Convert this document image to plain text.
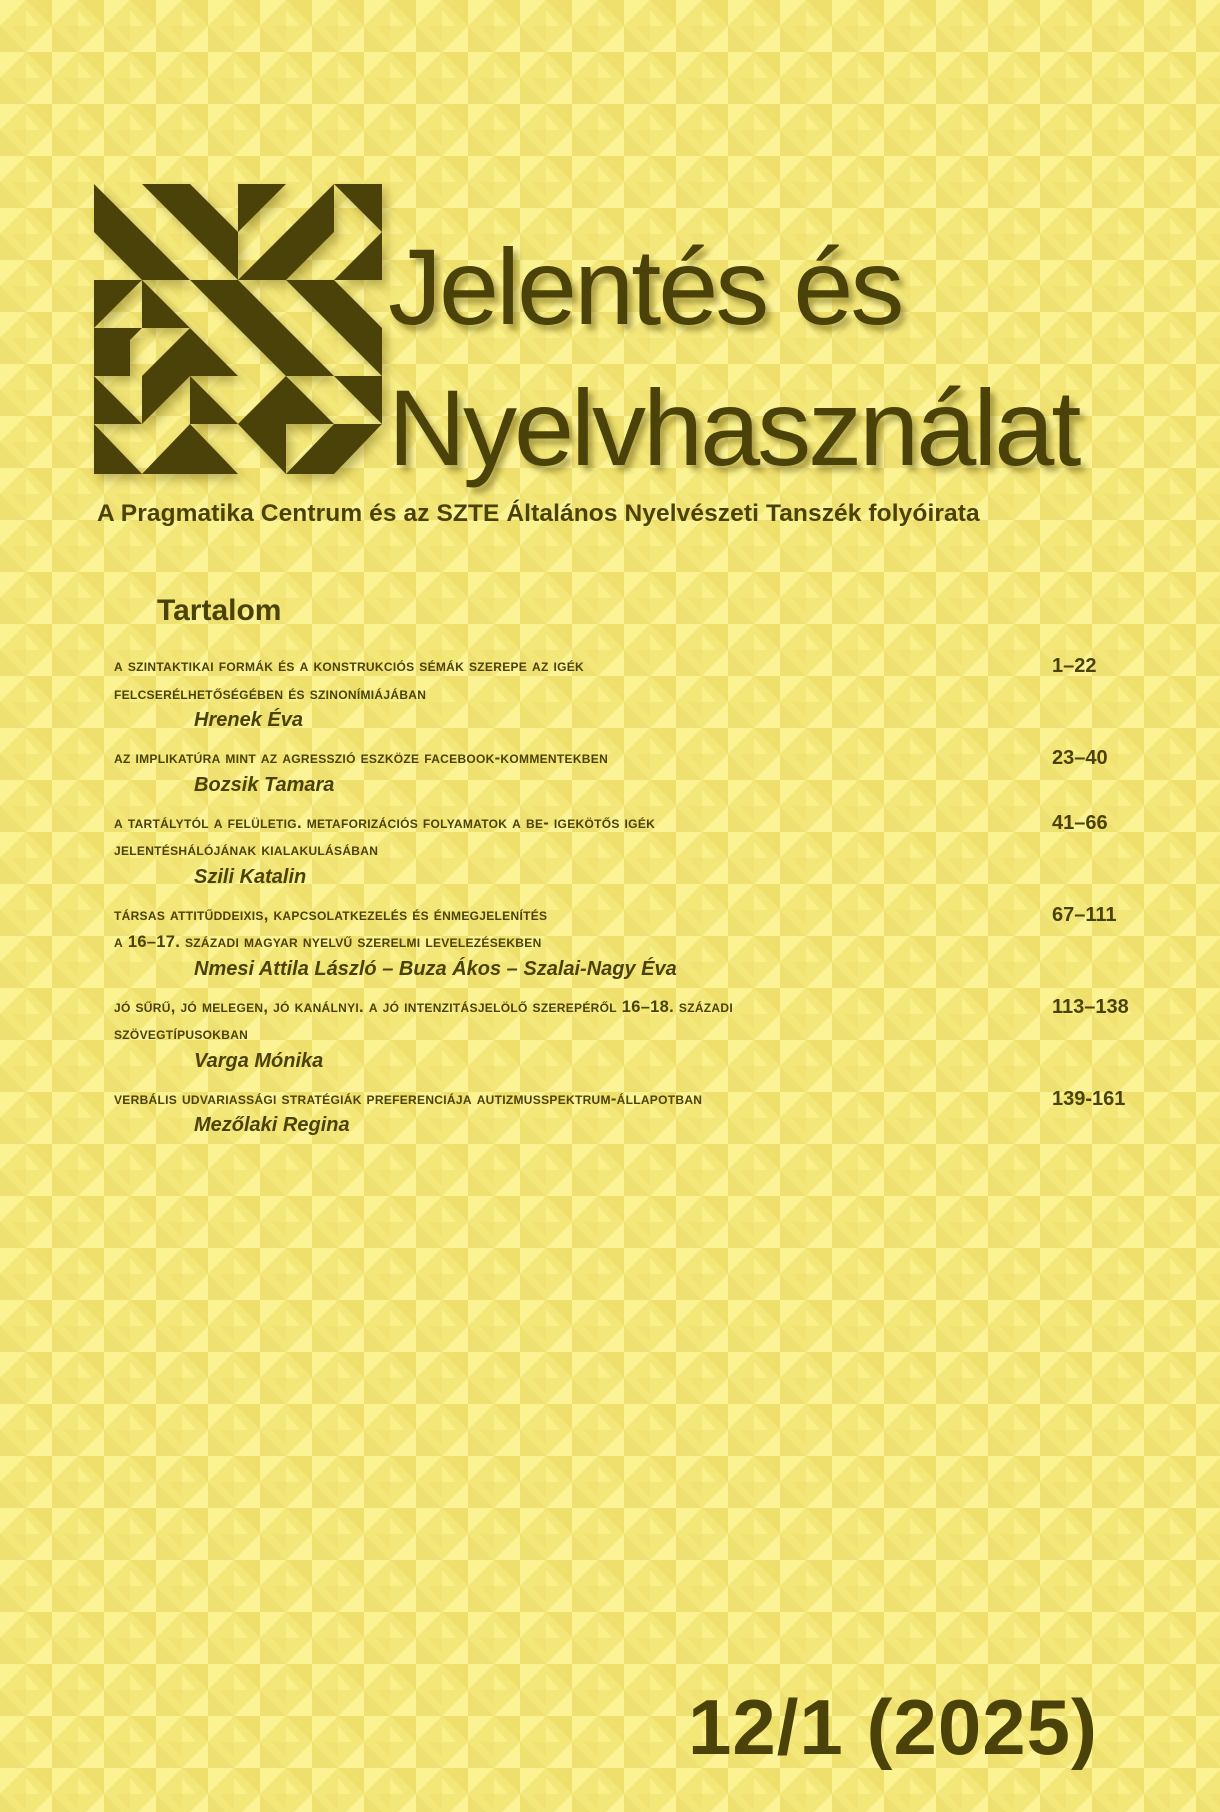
Jelentés és
Nyelvhasználat
A Pragmatika Centrum és az SZTE Általános Nyelvészeti Tanszék folyóirata
Tartalom
a szintaktikai formák és a konstrukciós sémák szerepe az igék
felcserélhetőségében és szinonímiájában
Hrenek Éva
1–22
az implikatúra mint az agresszió eszköze facebook-kommentekben
Bozsik Tamara
23–40
a tartálytól a felületig. metaforizációs folyamatok a be- igekötős igék
jelentéshálójának kialakulásában
Szili Katalin
41–66
társas attitűddeixis, kapcsolatkezelés és énmegjelenítés
a 16–17. századi magyar nyelvű szerelmi levelezésekben
Nmesi Attila László – Buza Ákos – Szalai-Nagy Éva
67–111
jó sűrű, jó melegen, jó kanálnyi. a jó intenzitásjelölő szerepéről 16–18. századi
szövegtípusokban
Varga Mónika
113–138
verbális udvariassági stratégiák preferenciája autizmusspektrum-állapotban
Mezőlaki Regina
139-161
12/1 (2025)
